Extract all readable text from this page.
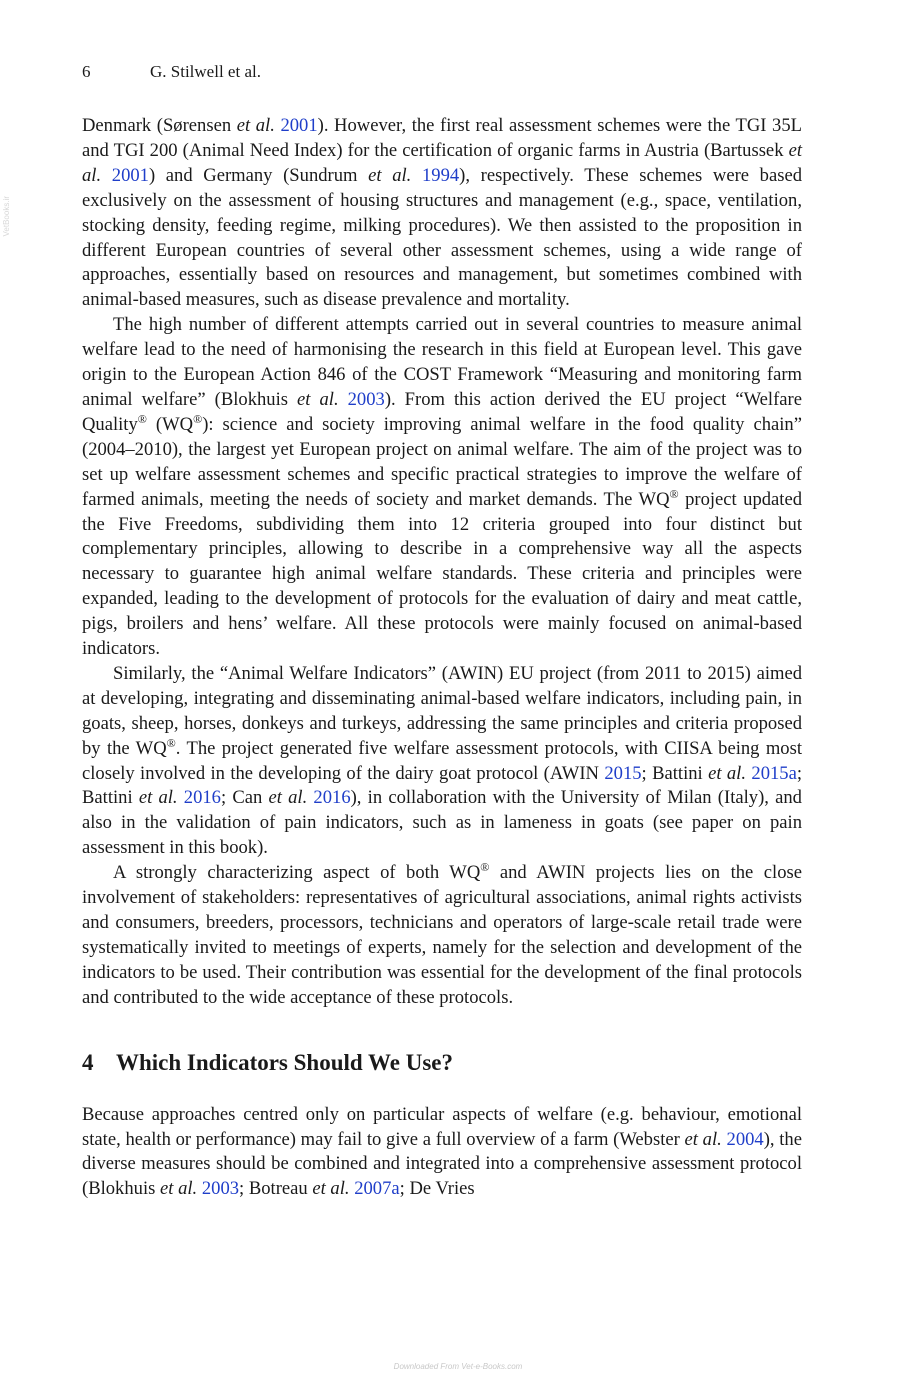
VetBooks.ir
6	G. Stilwell et al.

Denmark (Sørensen et al. 2001). However, the first real assessment schemes were the TGI 35L and TGI 200 (Animal Need Index) for the certification of organic farms in Austria (Bartussek et al. 2001) and Germany (Sundrum et al. 1994), respectively. These schemes were based exclusively on the assessment of housing structures and management (e.g., space, ventilation, stocking density, feeding regime, milking procedures). We then assisted to the proposition in different European countries of several other assessment schemes, using a wide range of approaches, essentially based on resources and management, but sometimes combined with animal-based measures, such as disease prevalence and mortality.

The high number of different attempts carried out in several countries to measure animal welfare lead to the need of harmonising the research in this field at European level. This gave origin to the European Action 846 of the COST Framework “Measuring and monitoring farm animal welfare” (Blokhuis et al. 2003). From this action derived the EU project “Welfare Quality® (WQ®): science and society improving animal welfare in the food quality chain” (2004–2010), the largest yet European project on animal welfare. The aim of the project was to set up welfare assessment schemes and specific practical strategies to improve the welfare of farmed animals, meeting the needs of society and market demands. The WQ® project updated the Five Freedoms, subdividing them into 12 criteria grouped into four distinct but complementary principles, allowing to describe in a comprehensive way all the aspects necessary to guarantee high animal welfare standards. These criteria and principles were expanded, leading to the development of protocols for the evaluation of dairy and meat cattle, pigs, broilers and hens’ welfare. All these protocols were mainly focused on animal-based indicators.

Similarly, the “Animal Welfare Indicators” (AWIN) EU project (from 2011 to 2015) aimed at developing, integrating and disseminating animal-based welfare indicators, including pain, in goats, sheep, horses, donkeys and turkeys, addressing the same principles and criteria proposed by the WQ®. The project generated five welfare assessment protocols, with CIISA being most closely involved in the developing of the dairy goat protocol (AWIN 2015; Battini et al. 2015a; Battini et al. 2016; Can et al. 2016), in collaboration with the University of Milan (Italy), and also in the validation of pain indicators, such as in lameness in goats (see paper on pain assessment in this book).

A strongly characterizing aspect of both WQ® and AWIN projects lies on the close involvement of stakeholders: representatives of agricultural associations, animal rights activists and consumers, breeders, processors, technicians and operators of large-scale retail trade were systematically invited to meetings of experts, namely for the selection and development of the indicators to be used. Their contribution was essential for the development of the final protocols and contributed to the wide acceptance of these protocols.

4 Which Indicators Should We Use?

Because approaches centred only on particular aspects of welfare (e.g. behaviour, emotional state, health or performance) may fail to give a full overview of a farm (Webster et al. 2004), the diverse measures should be combined and integrated into a comprehensive assessment protocol (Blokhuis et al. 2003; Botreau et al. 2007a; De Vries

Downloaded From Vet-e-Books.com
